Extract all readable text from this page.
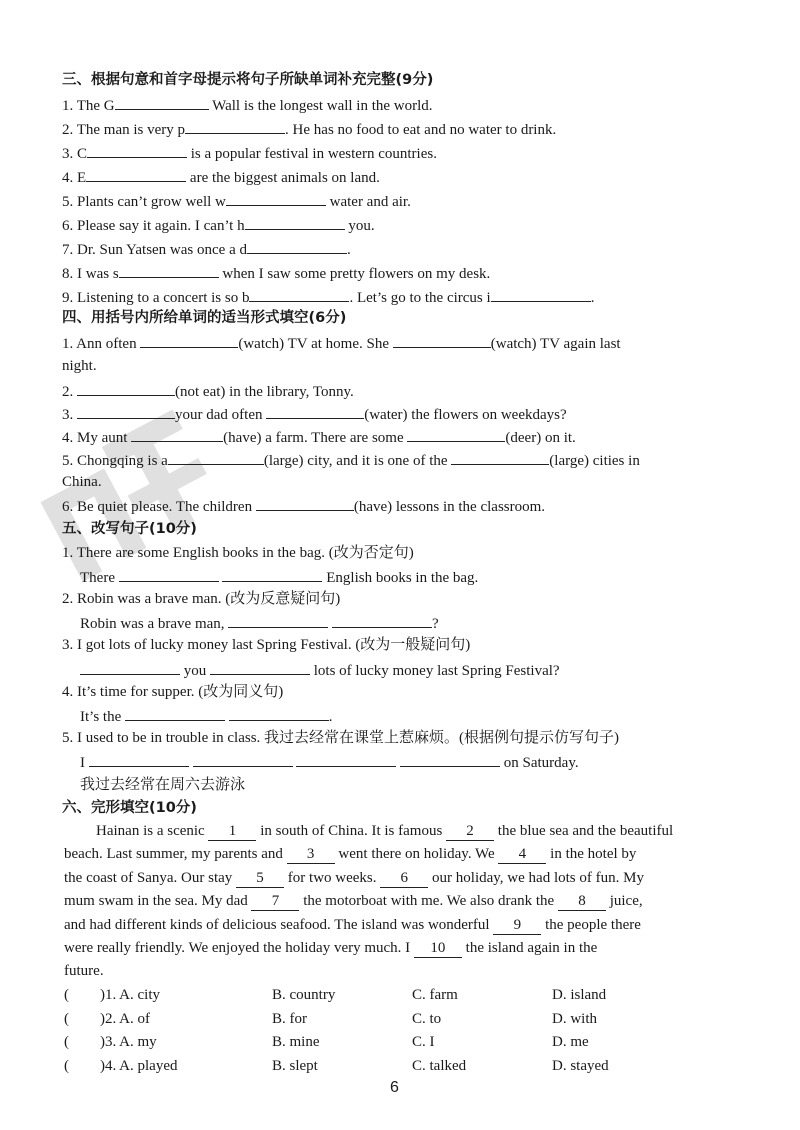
三、根据句意和首字母提示将句子所缺单词补充完整(9分)
1. The G	Wall is the longest wall in the world.
2. The man is very p	. He has no food to eat and no water to drink.
3. C	is a popular festival in western countries.
4. E	are the biggest animals on land.
5. Plants can’t grow well w	water and air.
6. Please say it again. I can’t h	you.
7. Dr. Sun Yatsen was once a d	.
8. I was s	when I saw some pretty flowers on my desk.
9. Listening to a concert is so b	. Let’s go to the circus i	.
四、用括号内所给单词的适当形式填空(6分)
1. Ann often	(watch) TV at home. She	(watch) TV again last
night.
2.	(not eat) in the library, Tonny.
3.	your dad often	(water) the flowers on weekdays?
4. My aunt	(have) a farm. There are some	(deer) on it.
5. Chongqing is a	(large) city, and it is one of the	(large) cities in
China.
6. Be quiet please. The children	(have) lessons in the classroom.
五、改写句子(10分)
1. There are some English books in the bag. (改为否定句)
There	English books in the bag.
2. Robin was a brave man. (改为反意疑问句)
Robin was a brave man,	?
3. I got lots of lucky money last Spring Festival. (改为一般疑问句)
you	lots of lucky money last Spring Festival?
4. It’s time for supper. (改为同义句)
It’s the	.
5. I used to be in trouble in class. 我过去经常在课堂上惹麻烦。(根据例句提示仿写句子)
I	on Saturday.
我过去经常在周六去游泳
六、完形填空(10分)
Hainan is a scenic 1 in south of China. It is famous 2 the blue sea and the beautiful
beach. Last summer, my parents and 3 went there on holiday. We 4 in the hotel by
the coast of Sanya. Our stay 5 for two weeks. 6 our holiday, we had lots of fun. My
mum swam in the sea. My dad 7 the motorboat with me. We also drank the 8 juice,
and had different kinds of delicious seafood. The island was wonderful 9 the people there
were really friendly. We enjoyed the holiday very much. I 10 the island again in the
future.
( )1. A. city	B. country	C. farm	D. island
( )2. A. of	B. for	C. to	D. with
( )3. A. my	B. mine	C. I	D. me
( )4. A. played	B. slept	C. talked	D. stayed
6
